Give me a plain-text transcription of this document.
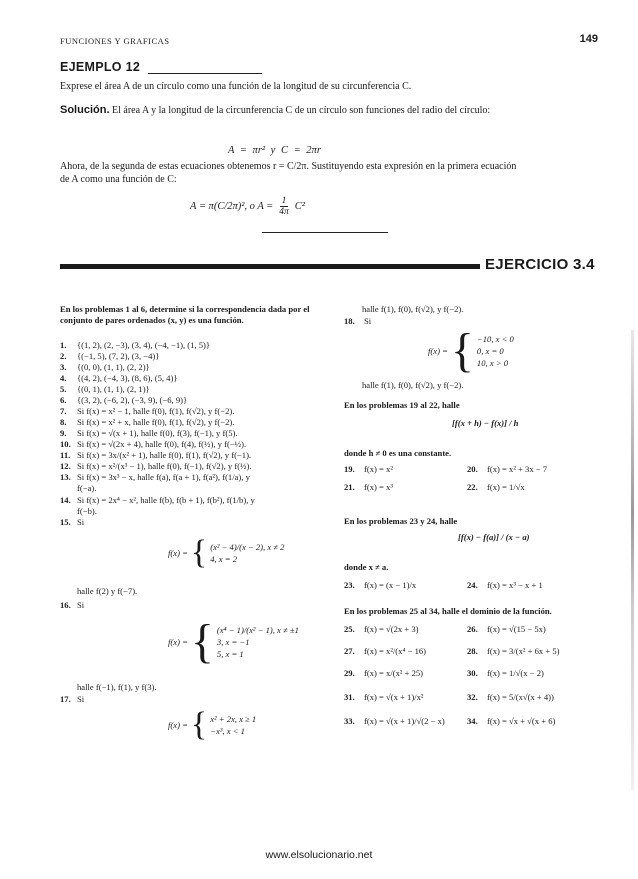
FUNCIONES Y GRAFICAS	149
EJEMPLO 12
Exprese el área A de un círculo como una función de la longitud de su circunferencia C.
Solución. El área A y la longitud de la circunferencia C de un círculo son funciones del radio del círculo:
A = πr² y C = 2πr
Ahora, de la segunda de estas ecuaciones obtenemos r = C/2π. Sustituyendo esta expresión en la primera ecuación de A como una función de C:
A = π(C/2π)², o $A = \frac{1}{4\pi} C^2$
EJERCICIO 3.4
En los problemas 1 al 6, determine si la correspondencia dada por el conjunto de pares ordenados (x, y) es una función.
1. {(1, 2), (2, −3), (3, 4), (−4, −1), (1, 5)}
2. {(−1, 5), (7, 2), (3, −4)}
3. {(0, 0), (1, 1), (2, 2)}
4. {(4, 2), (−4, 3), (8, 6), (5, 4)}
5. {(0, 1), (1, 1), (2, 1)}
6. {(3, 2), (−6, 2), (−3, 9), (−6, 9)}
7. Si f(x) = x² − 1, halle f(0), f(1), f(√2), y f(−2).
8. Si f(x) = x² + x, halle f(0), f(1), f(√2), y f(−2).
9. Si f(x) = √(x + 1), halle f(0), f(3), f(−1), y f(5).
10. Si f(x) = √(2x + 4), halle f(0), f(4), f(½), y f(−½).
11. Si f(x) = 3x/(x² + 1), halle f(0), f(1), f(√2), y f(−1).
12. Si f(x) = x²/(x³ − 1), halle f(0), f(−1), f(√2), y f(½).
13. Si f(x) = 3x³ − x, halle f(a), f(a + 1), f(a²), f(1/a), y
f(−a).
14. Si f(x) = 2x⁴ − x², halle f(b), f(b + 1), f(b²), f(1/b), y
f(−b).
15. Si
f(x) = { (x² − 4)/(x − 2), x ≠ 2
4, x = 2
halle f(2) y f(−7).
16. Si
f(x) = { (x⁴ − 1)/(x² − 1), x ≠ ±1
3, x = −1
5, x = 1
halle f(−1), f(1), y f(3).
17. Si
f(x) = { x² + 2x, x ≥ 1
−x³, x < 1
halle f(1), f(0), f(√2), y f(−2).
18. Si
f(x) = { −10, x < 0
0, x = 0
10, x > 0
halle f(1), f(0), f(√2), y f(−2).
En los problemas 19 al 22, halle
[f(x + h) − f(x)] / h
donde h ≠ 0 es una constante.
19. f(x) = x²	20. f(x) = x² + 3x − 7
21. f(x) = x³	22. f(x) = 1/√x
En los problemas 23 y 24, halle
[f(x) − f(a)] / (x − a)
donde x ≠ a.
23. f(x) = (x − 1)/x	24. f(x) = x³ − x + 1
En los problemas 25 al 34, halle el dominio de la función.
25. f(x) = √(2x + 3)	26. f(x) = √(15 − 5x)
27. f(x) = x²/(x⁴ − 16)	28. f(x) = 3/(x² + 6x + 5)
29. f(x) = x/(x² + 25)	30. f(x) = 1/√(x − 2)
31. f(x) = √(x + 1)/x²	32. f(x) = 5/(x√(x + 4))
33. f(x) = √(x + 1)/√(2 − x)	34. f(x) = √x + √(x + 6)
www.elsolucionario.net
